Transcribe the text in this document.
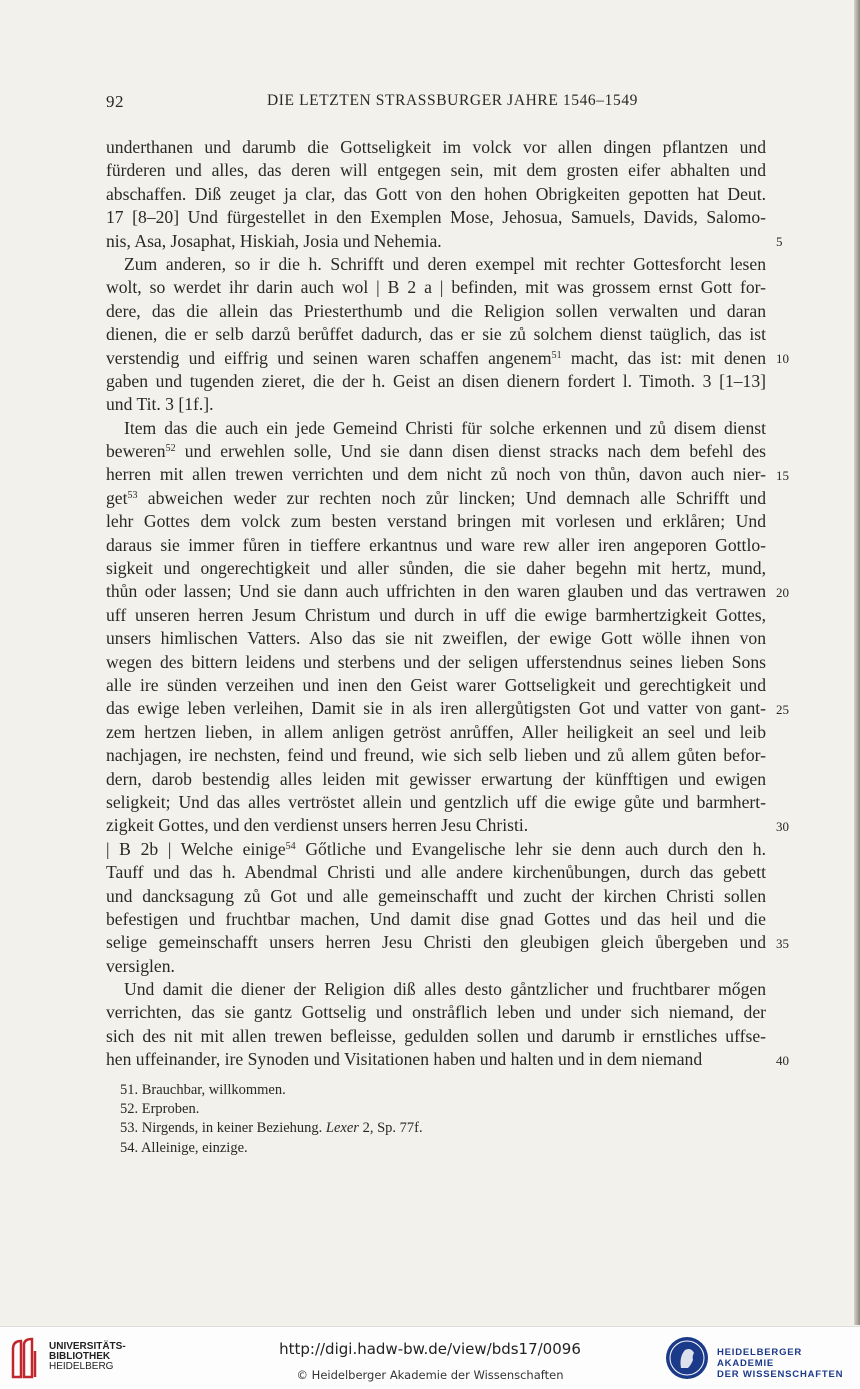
92	DIE LETZTEN STRASSBURGER JAHRE 1546–1549
underthanen und darumb die Gottseligkeit im volck vor allen dingen pflantzen und
fürderen und alles, das deren will entgegen sein, mit dem grosten eifer abhalten und
abschaffen. Diß zeuget ja clar, das Gott von den hohen Obrigkeiten gepotten hat Deut.
17 [8–20] Und fürgestellet in den Exemplen Mose, Jehosua, Samuels, Davids, Salomo-
nis, Asa, Josaphat, Hiskiah, Josia und Nehemia.
Zum anderen, so ir die h. Schrifft und deren exempel mit rechter Gottesforcht lesen
wolt, so werdet ihr darin auch wol | B 2 a | befinden, mit was grossem ernst Gott for-
dere, das die allein das Priesterthumb und die Religion sollen verwalten und daran
dienen, die er selb darzů berůffet dadurch, das er sie zů solchem dienst taüglich, das ist
verstendig und eiffrig und seinen waren schaffen angenem$^{51}$ macht, das ist: mit denen
gaben und tugenden zieret, die der h. Geist an disen dienern fordert l. Timoth. 3 [1–13]
und Tit. 3 [1f.].
Item das die auch ein jede Gemeind Christi für solche erkennen und zů disem dienst
beweren$^{52}$ und erwehlen solle, Und sie dann disen dienst stracks nach dem befehl des
herren mit allen trewen verrichten und dem nicht zů noch von thůn, davon auch nier-
get$^{53}$ abweichen weder zur rechten noch zůr lincken; Und demnach alle Schrifft und
lehr Gottes dem volck zum besten verstand bringen mit vorlesen und erklåren; Und
daraus sie immer fůren in tieffere erkantnus und ware rew aller iren angeporen Gottlo-
sigkeit und ongerechtigkeit und aller sůnden, die sie daher begehn mit hertz, mund,
thůn oder lassen; Und sie dann auch uffrichten in den waren glauben und das vertrawen
uff unseren herren Jesum Christum und durch in uff die ewige barmhertzigkeit Gottes,
unsers himlischen Vatters. Also das sie nit zweiflen, der ewige Gott wölle ihnen von
wegen des bittern leidens und sterbens und der seligen ufferstendnus seines lieben Sons
alle ire sünden verzeihen und inen den Geist warer Gottseligkeit und gerechtigkeit und
das ewige leben verleihen, Damit sie in als iren allergůtigsten Got und vatter von gant-
zem hertzen lieben, in allem anligen getröst anrůffen, Aller heiligkeit an seel und leib
nachjagen, ire nechsten, feind und freund, wie sich selb lieben und zů allem gůten befor-
dern, darob bestendig alles leiden mit gewisser erwartung der künfftigen und ewigen
seligkeit; Und das alles vertröstet allein und gentzlich uff die ewige gůte und barmhert-
zigkeit Gottes, und den verdienst unsers herren Jesu Christi.
| B 2b | Welche einige$^{54}$ Gőtliche und Evangelische lehr sie denn auch durch den h.
Tauff und das h. Abendmal Christi und alle andere kirchenůbungen, durch das gebett
und dancksagung zů Got und alle gemeinschafft und zucht der kirchen Christi sollen
befestigen und fruchtbar machen, Und damit dise gnad Gottes und das heil und die
selige gemeinschafft unsers herren Jesu Christi den gleubigen gleich ůbergeben und
versiglen.
Und damit die diener der Religion diß alles desto gåntzlicher und fruchtbarer mőgen
verrichten, das sie gantz Gottselig und onstråflich leben und under sich niemand, der
sich des nit mit allen trewen befleisse, gedulden sollen und darumb ir ernstliches uffse-
hen uffeinander, ire Synoden und Visitationen haben und halten und in dem niemand
5
10
15
20
25
30
35
40
51. Brauchbar, willkommen.
52. Erproben.
53. Nirgends, in keiner Beziehung. Lexer 2, Sp. 77f.
54. Alleinige, einzige.
UNIVERSITÄTS-
BIBLIOTHEK
HEIDELBERG
http://digi.hadw-bw.de/view/bds17/0096
© Heidelberger Akademie der Wissenschaften
HEIDELBERGER AKADEMIE
DER WISSENSCHAFTEN
